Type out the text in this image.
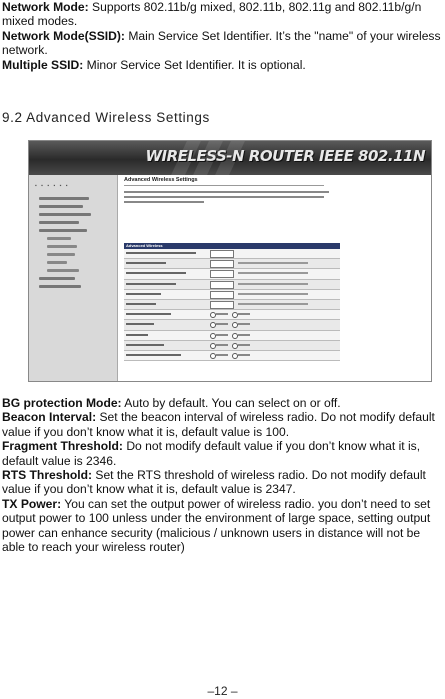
Network Mode: Supports 802.11b/g mixed, 802.11b, 802.11g and 802.11b/g/n mixed modes.
Network Mode(SSID): Main Service Set Identifier. It’s the "name" of your wireless network.
Multiple SSID: Minor Service Set Identifier. It is optional.
9.2 Advanced Wireless Settings
WIRELESS-N ROUTER IEEE 802.11N
▪ ▪ ▪ ▪ ▪ ▪
Advanced Wireless Settings
Advanced Wireless
BG protection Mode: Auto by default. You can select on or off.
Beacon Interval: Set the beacon interval of wireless radio. Do not modify default value if you don’t know what it is, default value is 100.
Fragment Threshold: Do not modify default value if you don’t know what it is, default value is 2346.
RTS Threshold: Set the RTS threshold of wireless radio. Do not modify default value if you don’t know what it is, default value is 2347.
TX Power: You can set the output power of wireless radio. you don’t need to set output power to 100 unless under the environment of large space, setting output power can enhance security (malicious / unknown users in distance will not be able to reach your wireless router)
–12 –
